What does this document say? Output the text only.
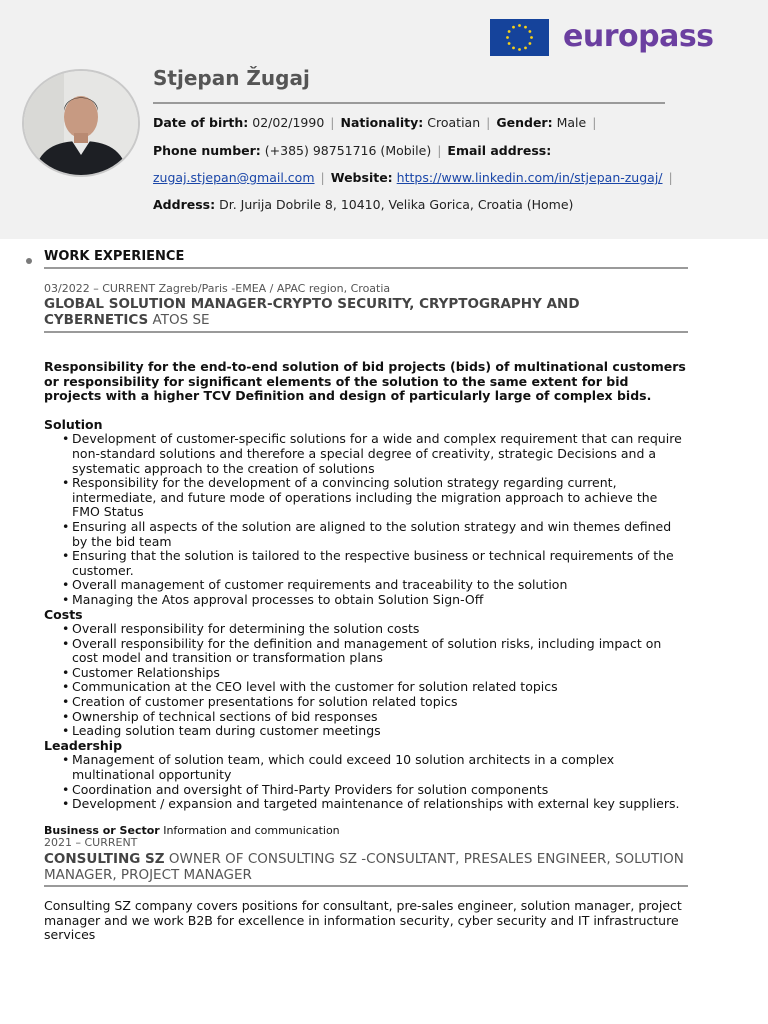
europass
Stjepan Žugaj
Date of birth: 02/02/1990 | Nationality: Croatian | Gender: Male |
Phone number: (+385) 98751716 (Mobile) | Email address:
zugaj.stjepan@gmail.com | Website: https://www.linkedin.com/in/stjepan-zugaj/ |
Address: Dr. Jurija Dobrile 8, 10410, Velika Gorica, Croatia (Home)
WORK EXPERIENCE
03/2022 – CURRENT Zagreb/Paris -EMEA / APAC region, Croatia
GLOBAL SOLUTION MANAGER-CRYPTO SECURITY, CRYPTOGRAPHY AND CYBERNETICS ATOS SE
Responsibility for the end-to-end solution of bid projects (bids) of multinational customers or responsibility for significant elements of the solution to the same extent for bid projects with a higher TCV Definition and design of particularly large of complex bids.
Solution
• Development of customer-specific solutions for a wide and complex requirement that can require non-standard solutions and therefore a special degree of creativity, strategic Decisions and a systematic approach to the creation of solutions
• Responsibility for the development of a convincing solution strategy regarding current, intermediate, and future mode of operations including the migration approach to achieve the FMO Status
• Ensuring all aspects of the solution are aligned to the solution strategy and win themes defined by the bid team
• Ensuring that the solution is tailored to the respective business or technical requirements of the customer.
• Overall management of customer requirements and traceability to the solution
• Managing the Atos approval processes to obtain Solution Sign-Off
Costs
• Overall responsibility for determining the solution costs
• Overall responsibility for the definition and management of solution risks, including impact on cost model and transition or transformation plans
• Customer Relationships
• Communication at the CEO level with the customer for solution related topics
• Creation of customer presentations for solution related topics
• Ownership of technical sections of bid responses
• Leading solution team during customer meetings
Leadership
• Management of solution team, which could exceed 10 solution architects in a complex multinational opportunity
• Coordination and oversight of Third-Party Providers for solution components
• Development / expansion and targeted maintenance of relationships with external key suppliers.
Business or Sector Information and communication
2021 – CURRENT
CONSULTING SZ OWNER OF CONSULTING SZ -CONSULTANT, PRESALES ENGINEER, SOLUTION MANAGER, PROJECT MANAGER
Consulting SZ company covers positions for consultant, pre-sales engineer, solution manager, project manager and we work B2B for excellence in information security, cyber security and IT infrastructure services
